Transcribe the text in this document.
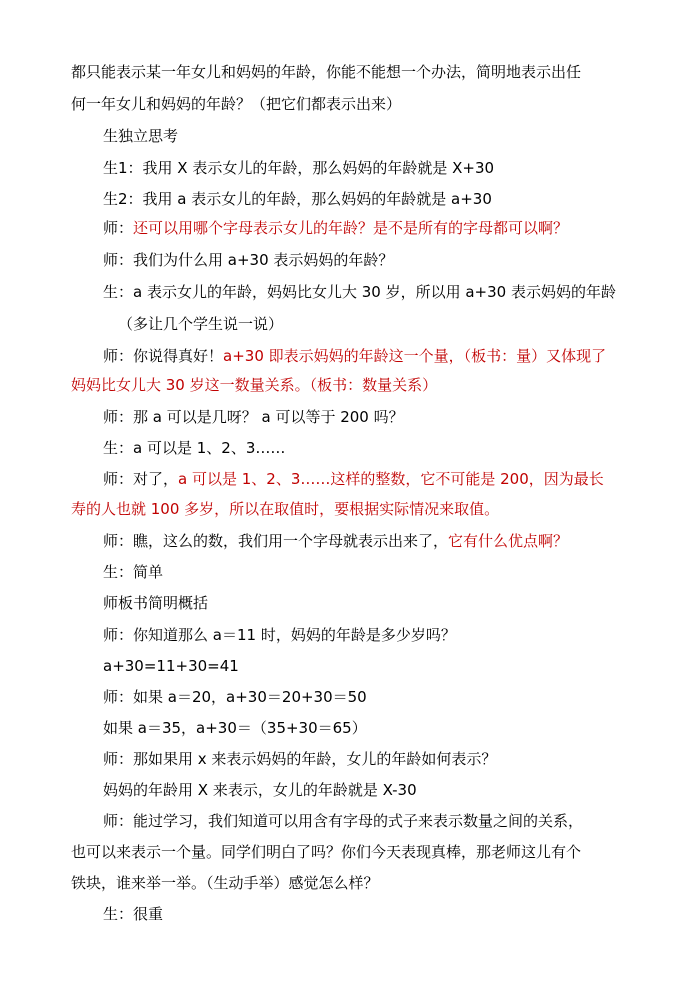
都只能表示某一年女儿和妈妈的年龄，你能不能想一个办法，简明地表示出任
何一年女儿和妈妈的年龄？（把它们都表示出来）
生独立思考
生1：我用 X 表示女儿的年龄，那么妈妈的年龄就是 X+30
生2：我用 a 表示女儿的年龄，那么妈妈的年龄就是 a+30
师：还可以用哪个字母表示女儿的年龄？是不是所有的字母都可以啊？
师：我们为什么用 a+30 表示妈妈的年龄？
生：a 表示女儿的年龄，妈妈比女儿大 30 岁，所以用 a+30 表示妈妈的年龄
（多让几个学生说一说）
师：你说得真好！a+30 即表示妈妈的年龄这一个量，（板书：量）又体现了
妈妈比女儿大 30 岁这一数量关系。（板书：数量关系）
师：那 a 可以是几呀？ a 可以等于 200 吗？
生：a 可以是 1、2、3……
师：对了，a 可以是 1、2、3……这样的整数，它不可能是 200，因为最长
寿的人也就 100 多岁，所以在取值时，要根据实际情况来取值。
师：瞧，这么的数，我们用一个字母就表示出来了，它有什么优点啊？
生：简单
师板书简明概括
师：你知道那么 a＝11 时，妈妈的年龄是多少岁吗？
a+30=11+30=41
师：如果 a＝20，a+30＝20+30＝50
如果 a＝35，a+30＝（35+30＝65）
师：那如果用 x 来表示妈妈的年龄，女儿的年龄如何表示？
妈妈的年龄用 X 来表示，女儿的年龄就是 X-30
师：能过学习，我们知道可以用含有字母的式子来表示数量之间的关系，
也可以来表示一个量。同学们明白了吗？你们今天表现真棒，那老师这儿有个
铁块，谁来举一举。（生动手举）感觉怎么样？
生：很重
